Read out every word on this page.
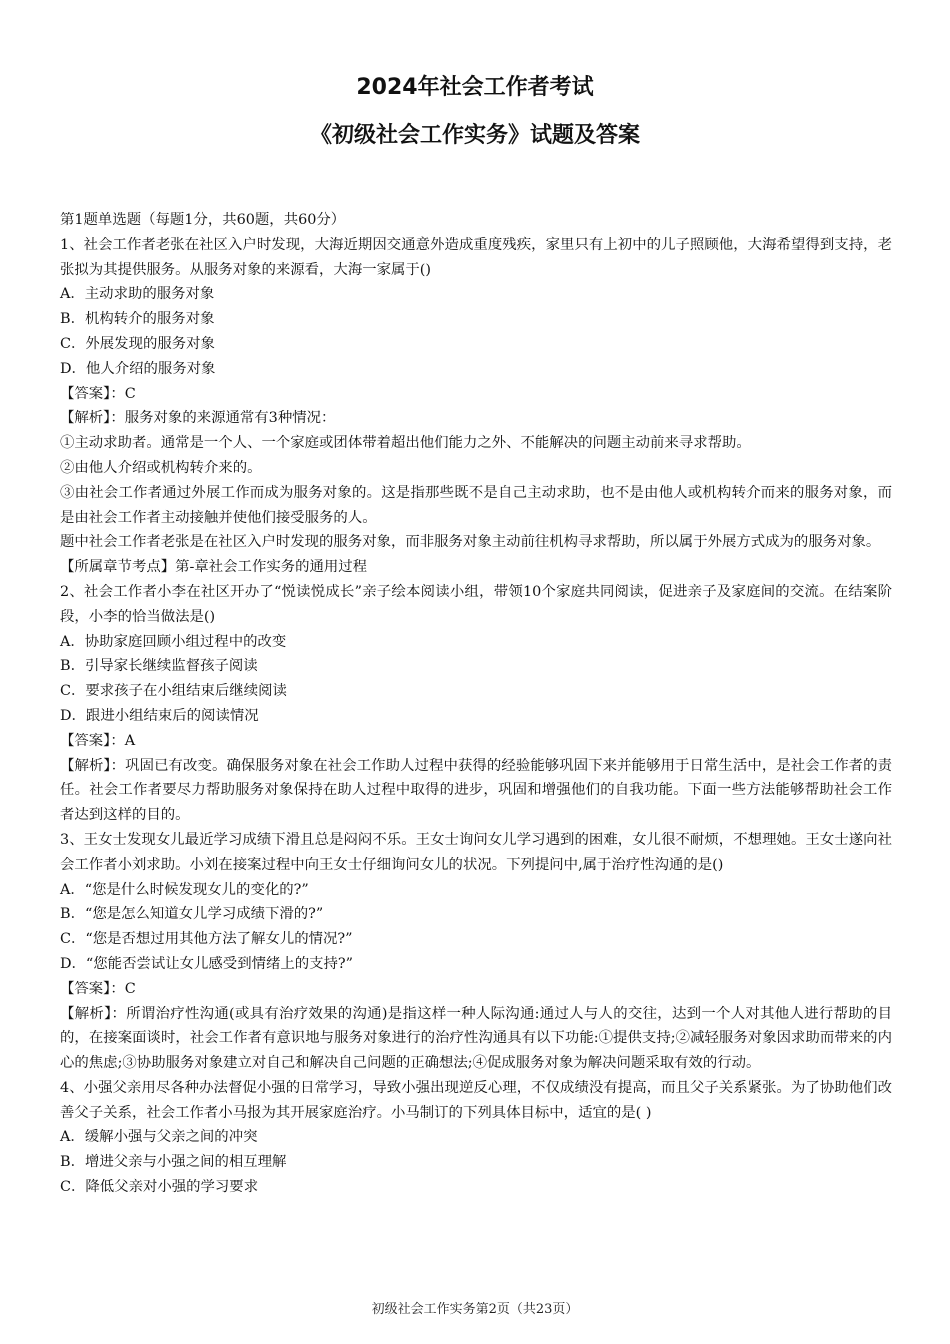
2024年社会工作者考试
《初级社会工作实务》试题及答案

第1题单选题（每题1分，共60题，共60分）

1、社会工作者老张在社区入户时发现，大海近期因交通意外造成重度残疾，家里只有上初中的儿子照顾他，大海希望得到支持，老张拟为其提供服务。从服务对象的来源看，大海一家属于()

A．主动求助的服务对象

B．机构转介的服务对象

C．外展发现的服务对象

D．他人介绍的服务对象

【答案】：C

【解析】：服务对象的来源通常有3种情况：

①主动求助者。通常是一个人、一个家庭或团体带着超出他们能力之外、不能解决的问题主动前来寻求帮助。

②由他人介绍或机构转介来的。

③由社会工作者通过外展工作而成为服务对象的。这是指那些既不是自己主动求助，也不是由他人或机构转介而来的服务对象，而是由社会工作者主动接触并使他们接受服务的人。

题中社会工作者老张是在社区入户时发现的服务对象，而非服务对象主动前往机构寻求帮助，所以属于外展方式成为的服务对象。

【所属章节考点】第-章社会工作实务的通用过程

2、社会工作者小李在社区开办了“悦读悦成长”亲子绘本阅读小组，带领10个家庭共同阅读，促进亲子及家庭间的交流。在结案阶段，小李的恰当做法是()

A．协助家庭回顾小组过程中的改变

B．引导家长继续监督孩子阅读

C．要求孩子在小组结束后继续阅读

D．跟进小组结束后的阅读情况

【答案】：A

【解析】：巩固已有改变。确保服务对象在社会工作助人过程中获得的经验能够巩固下来并能够用于日常生活中，是社会工作者的责任。社会工作者要尽力帮助服务对象保持在助人过程中取得的进步，巩固和增强他们的自我功能。下面一些方法能够帮助社会工作者达到这样的目的。

3、王女士发现女儿最近学习成绩下滑且总是闷闷不乐。王女士询问女儿学习遇到的困难，女儿很不耐烦，不想理她。王女士遂向社会工作者小刘求助。小刘在接案过程中向王女士仔细询问女儿的状况。下列提问中,属于治疗性沟通的是()

A．“您是什么时候发现女儿的变化的?”

B．“您是怎么知道女儿学习成绩下滑的?”

C．“您是否想过用其他方法了解女儿的情况?”

D．“您能否尝试让女儿感受到情绪上的支持?”

【答案】：C

【解析】：所谓治疗性沟通(或具有治疗效果的沟通)是指这样一种人际沟通:通过人与人的交往，达到一个人对其他人进行帮助的目的，在接案面谈时，社会工作者有意识地与服务对象进行的治疗性沟通具有以下功能:①提供支持;②减轻服务对象因求助而带来的内心的焦虑;③协助服务对象建立对自己和解决自己问题的正确想法;④促成服务对象为解决问题采取有效的行动。

4、小强父亲用尽各种办法督促小强的日常学习，导致小强出现逆反心理，不仅成绩没有提高，而且父子关系紧张。为了协助他们改善父子关系，社会工作者小马报为其开展家庭治疗。小马制订的下列具体目标中，适宜的是( )

A．缓解小强与父亲之间的冲突

B．增进父亲与小强之间的相互理解

C．降低父亲对小强的学习要求

初级社会工作实务第2页（共23页）
